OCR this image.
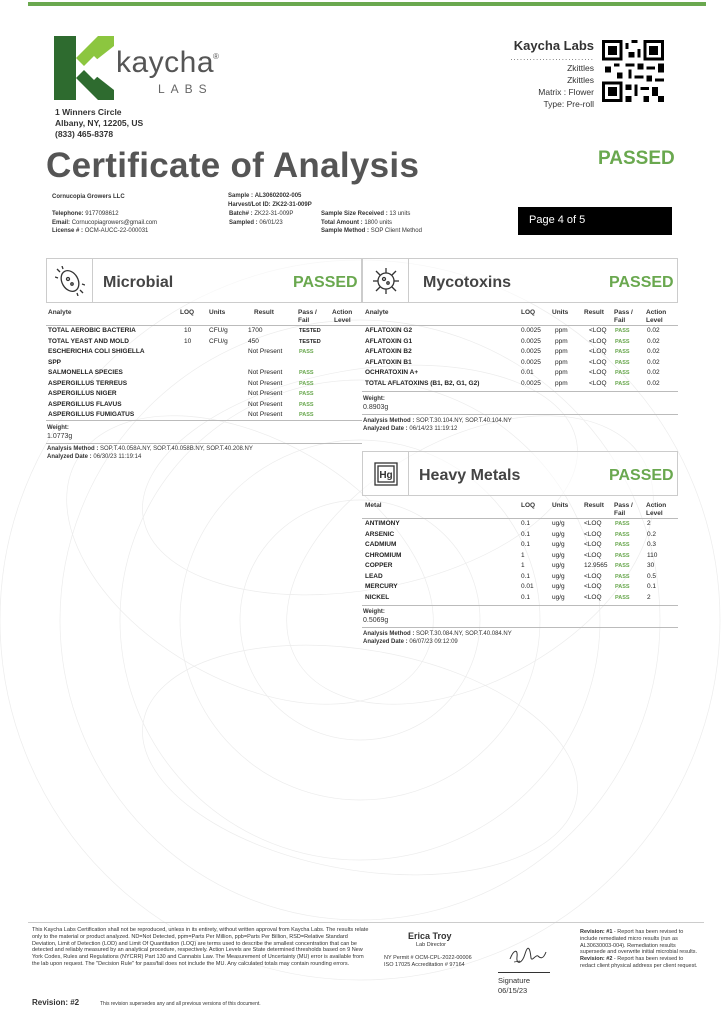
kaycha
®
LABS
1 Winners Circle
Albany, NY, 12205, US
(833) 465-8378
Kaycha Labs
..........................
Zkittles
Zkittles
Matrix : Flower
Type: Pre-roll
Certificate of Analysis	PASSED
Cornucopia Growers LLC
Telephone: 9177098612
Email: Cornucopiagrowers@gmail.com
License # : OCM-AUCC-22-000031
Sample : AL30602002-005
Harvest/Lot ID: ZK22-31-009P
Batch# : ZK22-31-009P
Sampled : 06/01/23
Sample Size Received : 13 units
Total Amount : 1800 units
Sample Method : SOP Client Method
Page 4 of 5
Microbial	PASSED
Analyte	LOQ Units	Result	Pass /
Fail
Action
Level
TOTAL AEROBIC BACTERIA	10	CFU/g	1700	TESTED
TOTAL YEAST AND MOLD	10	CFU/g	450	TESTED
ESCHERICHIA COLI SHIGELLA	Not Present	PASS
SPP
SALMONELLA SPECIES	Not Present	PASS
ASPERGILLUS TERREUS	Not Present	PASS
ASPERGILLUS NIGER	Not Present	PASS
ASPERGILLUS FLAVUS	Not Present	PASS
ASPERGILLUS FUMIGATUS	Not Present	PASS
Weight:
1.0773g
Analysis Method : SOP.T.40.058A.NY, SOP.T.40.058B.NY, SOP.T.40.208.NY
Analyzed Date : 06/30/23 11:19:14
Mycotoxins	PASSED
Analyte	LOQ	Units Result Pass /
Fail
Action
Level
AFLATOXIN G2	0.0025 ppm	<LOQ PASS	0.02
AFLATOXIN G1	0.0025 ppm	<LOQ PASS	0.02
AFLATOXIN B2	0.0025 ppm	<LOQ PASS	0.02
AFLATOXIN B1	0.0025 ppm	<LOQ PASS	0.02
OCHRATOXIN A+	0.01	ppm	<LOQ PASS	0.02
TOTAL AFLATOXINS (B1, B2, G1, G2)	0.0025 ppm	<LOQ PASS	0.02
Weight:
0.8903g
Analysis Method : SOP.T.30.104.NY, SOP.T.40.104.NY
Analyzed Date : 06/14/23 11:19:12
Hg Heavy Metals	PASSED
Metal	LOQ	Units Result Pass /
Fail
Action
Level
ANTIMONY	0.1	ug/g	<LOQ PASS	2
ARSENIC	0.1	ug/g	<LOQ PASS	0.2
CADMIUM	0.1	ug/g	<LOQ PASS	0.3
CHROMIUM	1	ug/g	<LOQ PASS	110
COPPER	1	ug/g	12.9565 PASS	30
LEAD	0.1	ug/g	<LOQ PASS	0.5
MERCURY	0.01	ug/g	<LOQ PASS	0.1
NICKEL	0.1	ug/g	<LOQ PASS	2
Weight:
0.5069g
Analysis Method : SOP.T.30.084.NY, SOP.T.40.084.NY
Analyzed Date : 06/07/23 09:12:09
This Kaycha Labs Certification shall not be reproduced, unless in its entirety, without written approval from Kaycha Labs. The results relate only to the material or product analyzed. ND=Not Detected, ppm=Parts Per Million, ppb=Parts Per Billion, RSD=Relative Standard Deviation, Limit of Detection (LOD) and Limit Of Quantitation (LOQ) are terms used to describe the smallest concentration that can be detected and reliably measured by an analytical procedure, respectively. Action Levels are State determined thresholds based on 9 New York Codes, Rules and Regulations (NYCRR) Part 130 and Cannabis Law. The Measurement of Uncertainty (MU) error is available from the lab upon request. The "Decision Rule" for pass/fail does not include the MU. Any calculated totals may contain rounding errors.
Revision: #2	This revision supersedes any and all previous versions of this document.
Erica Troy
Lab Director
NY Permit # OCM-CPL-2022-00006
ISO 17025 Accreditation # 97164
Signature
06/15/23
Revision: #1 - Report has been revised to include remediated micro results (run as AL30630003-004). Remediation results supersede and overwrite initial microbial results.
Revision: #2 - Report has been revised to redact client physical address per client request.
